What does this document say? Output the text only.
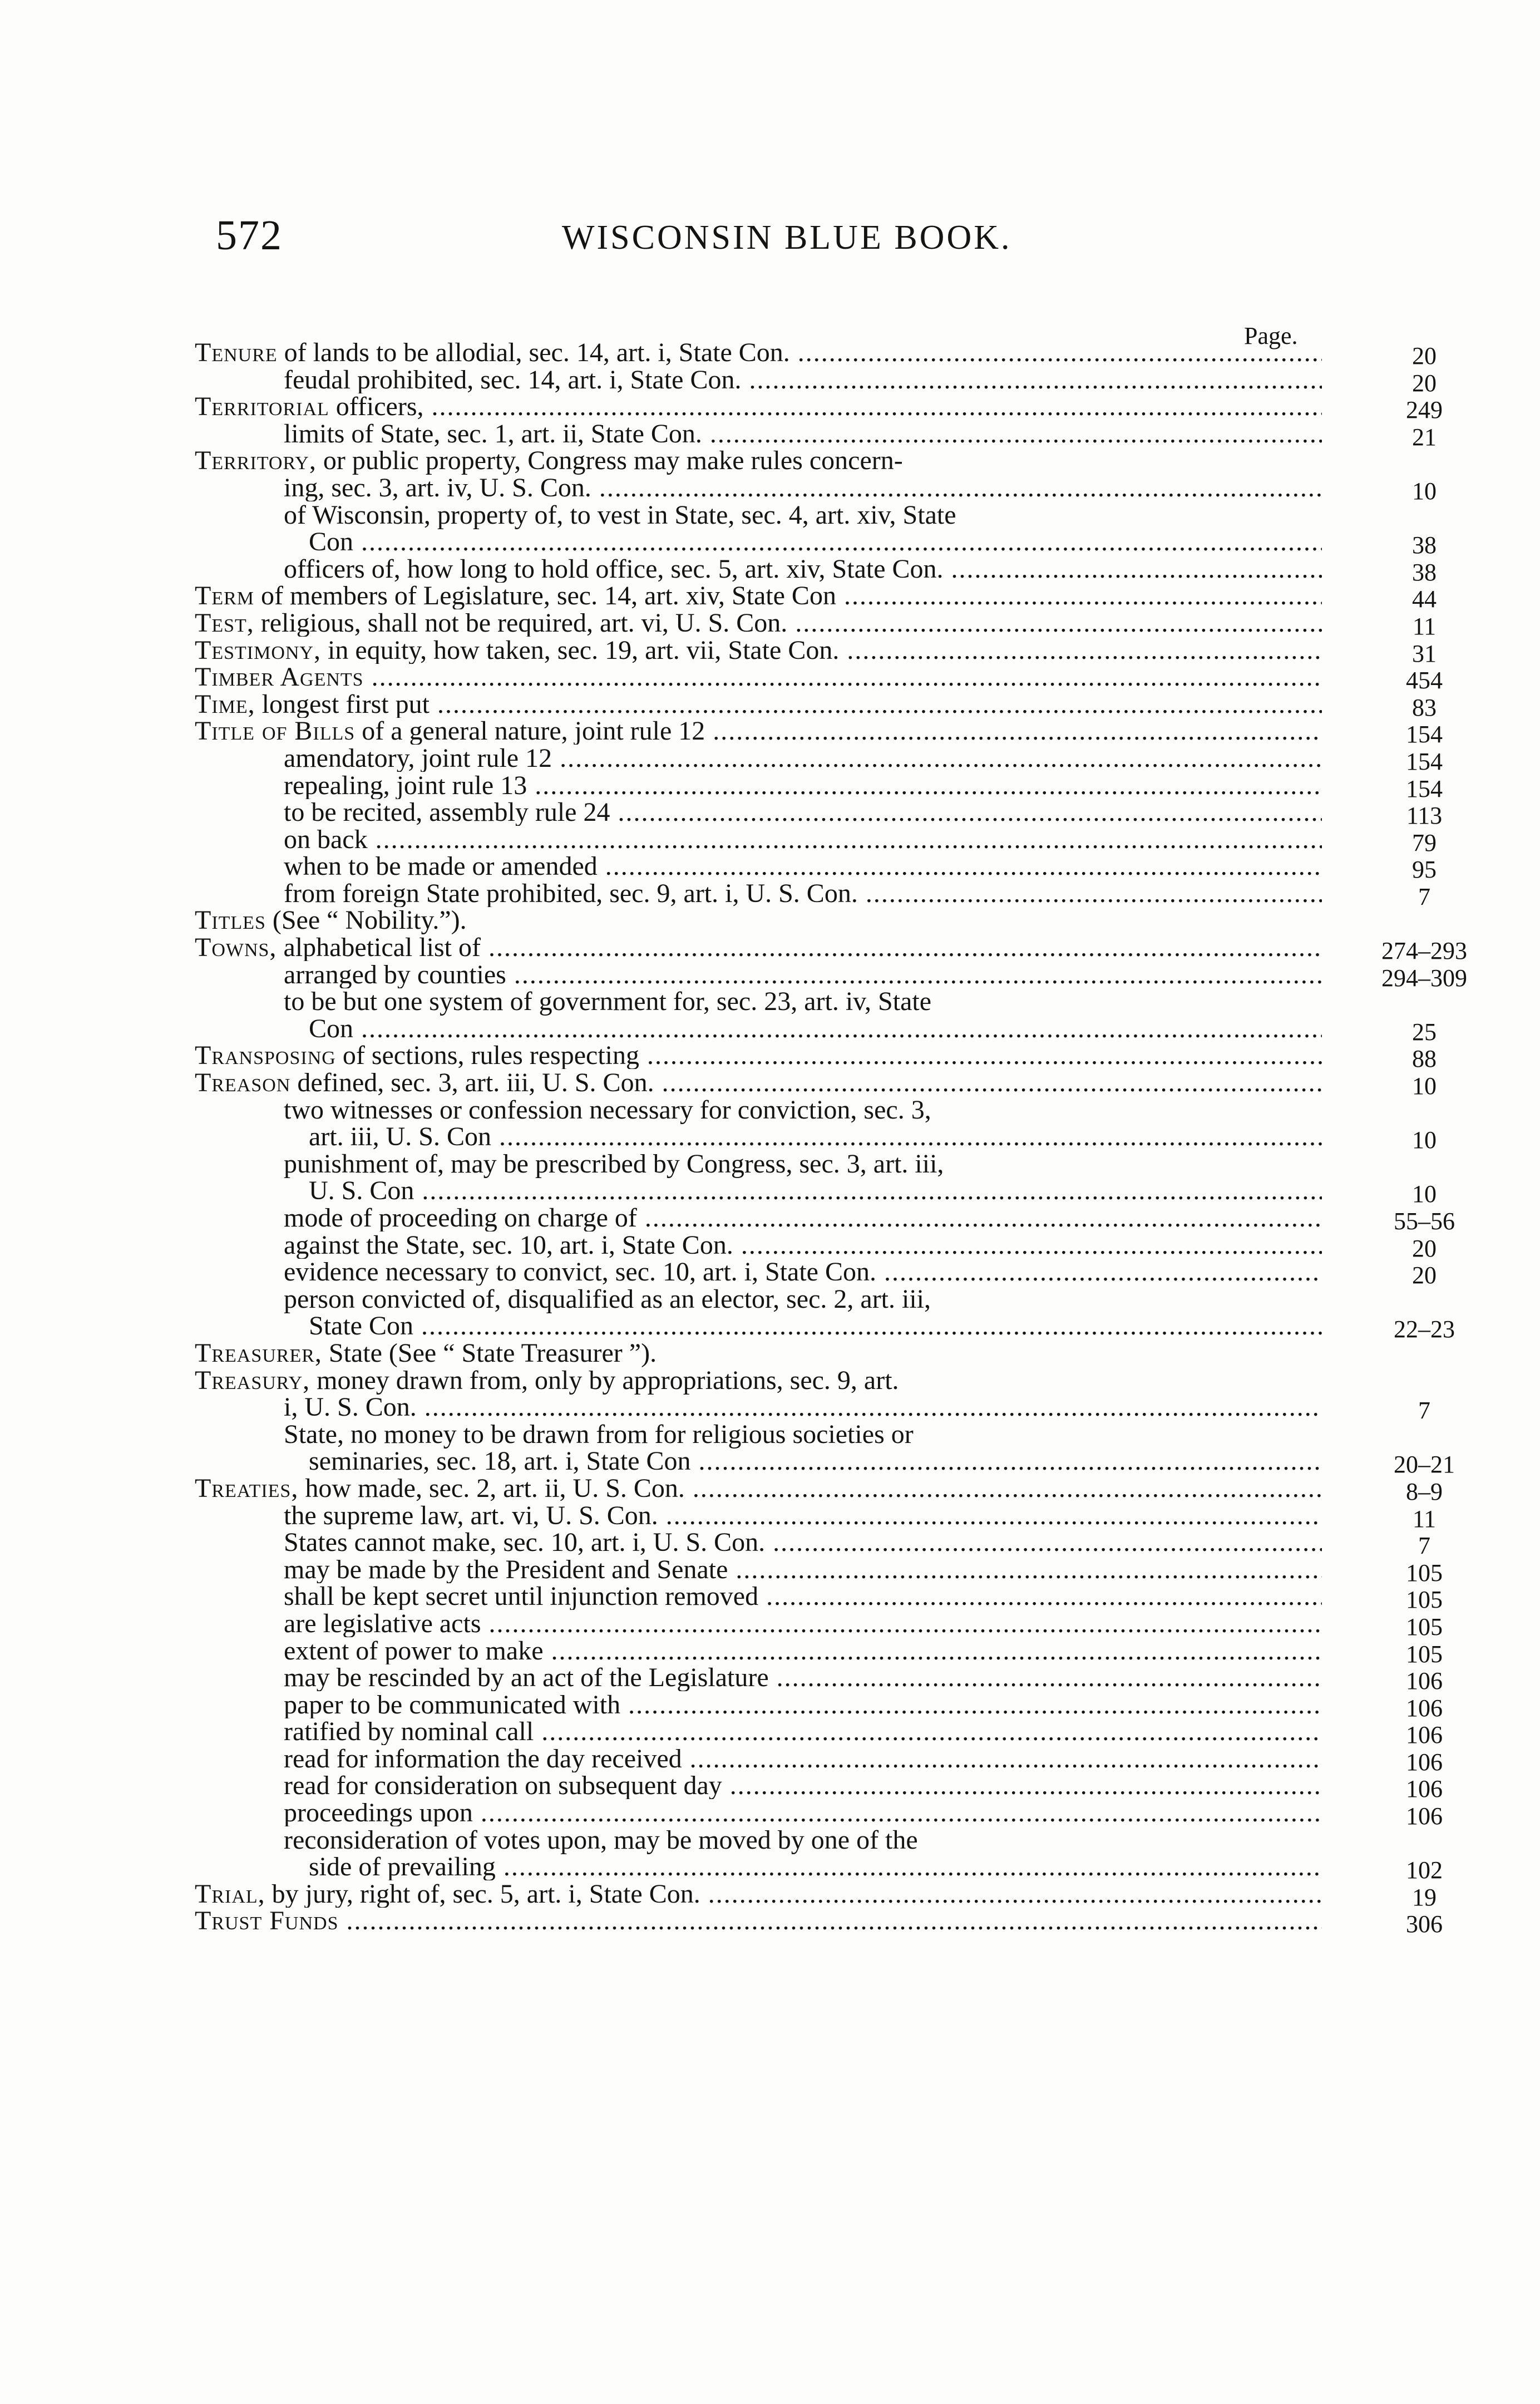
572	WISCONSIN BLUE BOOK.
Page.
Tenure of lands to be allodial, sec. 14, art. i, State Con. .....	20
feudal prohibited, sec. 14, art. i, State Con. .....	20
Territorial officers, .....	249
limits of State, sec. 1, art. ii, State Con. .....	21
Territory, or public property, Congress may make rules concern-
ing, sec. 3, art. iv, U. S. Con. .....	10
of Wisconsin, property of, to vest in State, sec. 4, art. xiv, State
Con .....	38
officers of, how long to hold office, sec. 5, art. xiv, State Con. .....	38
Term of members of Legislature, sec. 14, art. xiv, State Con .....	44
Test, religious, shall not be required, art. vi, U. S. Con. .....	11
Testimony, in equity, how taken, sec. 19, art. vii, State Con. .....	31
Timber Agents .....	454
Time, longest first put .....	83
Title of Bills of a general nature, joint rule 12 .....	154
amendatory, joint rule 12 .....	154
repealing, joint rule 13 .....	154
to be recited, assembly rule 24 .....	113
on back .....	79
when to be made or amended .....	95
from foreign State prohibited, sec. 9, art. i, U. S. Con. .....	7
Titles (See “ Nobility.”).
Towns, alphabetical list of .....	274–293
arranged by counties .....	294–309
to be but one system of government for, sec. 23, art. iv, State
Con .....	25
Transposing of sections, rules respecting .....	88
Treason defined, sec. 3, art. iii, U. S. Con. .....	10
two witnesses or confession necessary for conviction, sec. 3,
art. iii, U. S. Con .....	10
punishment of, may be prescribed by Congress, sec. 3, art. iii,
U. S. Con .....	10
mode of proceeding on charge of .....	55–56
against the State, sec. 10, art. i, State Con. .....	20
evidence necessary to convict, sec. 10, art. i, State Con. .....	20
person convicted of, disqualified as an elector, sec. 2, art. iii,
State Con .....	22–23
Treasurer, State (See “ State Treasurer ”).
Treasury, money drawn from, only by appropriations, sec. 9, art.
i, U. S. Con. .....	7
State, no money to be drawn from for religious societies or
seminaries, sec. 18, art. i, State Con .....	20–21
Treaties, how made, sec. 2, art. ii, U. S. Con. .....	8–9
the supreme law, art. vi, U. S. Con. .....	11
States cannot make, sec. 10, art. i, U. S. Con. .....	7
may be made by the President and Senate .....	105
shall be kept secret until injunction removed .....	105
are legislative acts .....	105
extent of power to make .....	105
may be rescinded by an act of the Legislature .....	106
paper to be communicated with .....	106
ratified by nominal call .....	106
read for information the day received .....	106
read for consideration on subsequent day .....	106
proceedings upon .....	106
reconsideration of votes upon, may be moved by one of the
side of prevailing .....	102
Trial, by jury, right of, sec. 5, art. i, State Con. .....	19
Trust Funds .....	306
